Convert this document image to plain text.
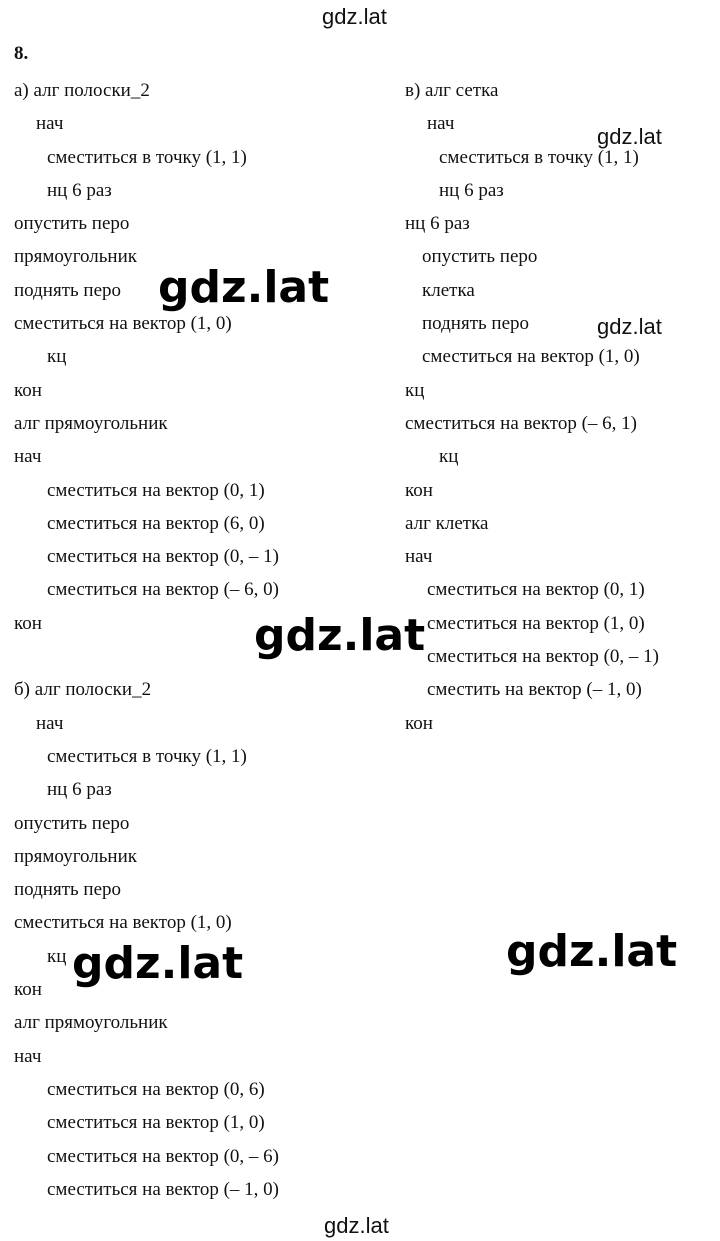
gdz.lat
gdz.lat
gdz.lat
gdz.lat
8.
а) алг полоски_2
нач
сместиться в точку (1, 1)
нц 6 раз
опустить перо
прямоугольник
поднять перо
сместиться на вектор (1, 0)
кц
кон
алг прямоугольник
нач
сместиться на вектор (0, 1)
сместиться на вектор (6, 0)
сместиться на вектор (0, – 1)
сместиться на вектор (– 6, 0)
кон
б) алг полоски_2
нач
сместиться в точку (1, 1)
нц 6 раз
опустить перо
прямоугольник
поднять перо
сместиться на вектор (1, 0)
кц
кон
алг прямоугольник
нач
сместиться на вектор (0, 6)
сместиться на вектор (1, 0)
сместиться на вектор (0, – 6)
сместиться на вектор (– 1, 0)
в) алг сетка
нач
сместиться в точку (1, 1)
нц 6 раз
нц 6 раз
опустить перо
клетка
поднять перо
сместиться на вектор (1, 0)
кц
сместиться на вектор (– 6, 1)
кц
кон
алг клетка
нач
сместиться на вектор (0, 1)
сместиться на вектор (1, 0)
сместиться на вектор (0, – 1)
сместить на вектор (– 1, 0)
кон
gdz.lat
gdz.lat
gdz.lat	gdz.lat
